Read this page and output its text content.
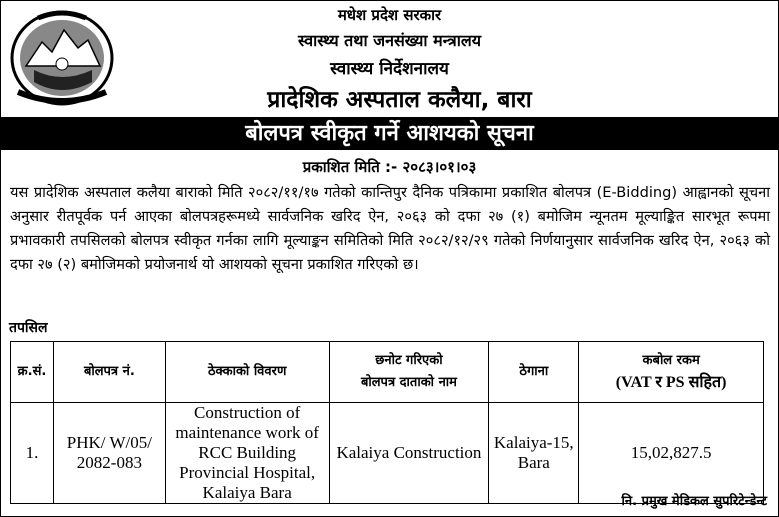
मधेश प्रदेश सरकार
स्वास्थ्य तथा जनसंख्या मन्त्रालय
स्वास्थ्य निर्देशनालय
प्रादेशिक अस्पताल कलैया, बारा
बोलपत्र स्वीकृत गर्ने आशयको सूचना
प्रकाशित मिति :- २०८३।०१।०३
यस प्रादेशिक अस्पताल कलैया बाराको मिति २०८२/११/१७ गतेको कान्तिपुर दैनिक पत्रिकामा प्रकाशित बोलपत्र (E-Bidding) आह्वानको सूचना अनुसार रीतपूर्वक पर्न आएका बोलपत्रहरूमध्ये सार्वजनिक खरिद ऐन, २०६३ को दफा २७ (१) बमोजिम न्यूनतम मूल्याङ्कित सारभूत रूपमा प्रभावकारी तपसिलको बोलपत्र स्वीकृत गर्नका लागि मूल्याङ्कन समितिको मिति २०८२/१२/२९ गतेको निर्णयानुसार सार्वजनिक खरिद ऐन, २०६३ को दफा २७ (२) बमोजिमको प्रयोजनार्थ यो आशयको सूचना प्रकाशित गरिएको छ।
तपसिल
क्र.सं.	बोलपत्र नं.	ठेक्काको विवरण	छनोट गरिएको
बोलपत्र दाताको नाम	ठेगाना	कबोल रकम
(VAT र PS सहित)
1.	PHK/ W/05/ 2082-083	Construction of maintenance work of RCC Building Provincial Hospital, Kalaiya Bara	Kalaiya Construction	Kalaiya-15, Bara	15,02,827.5
नि. प्रमुख मेडिकल सुपरिटेन्डेन्ट
